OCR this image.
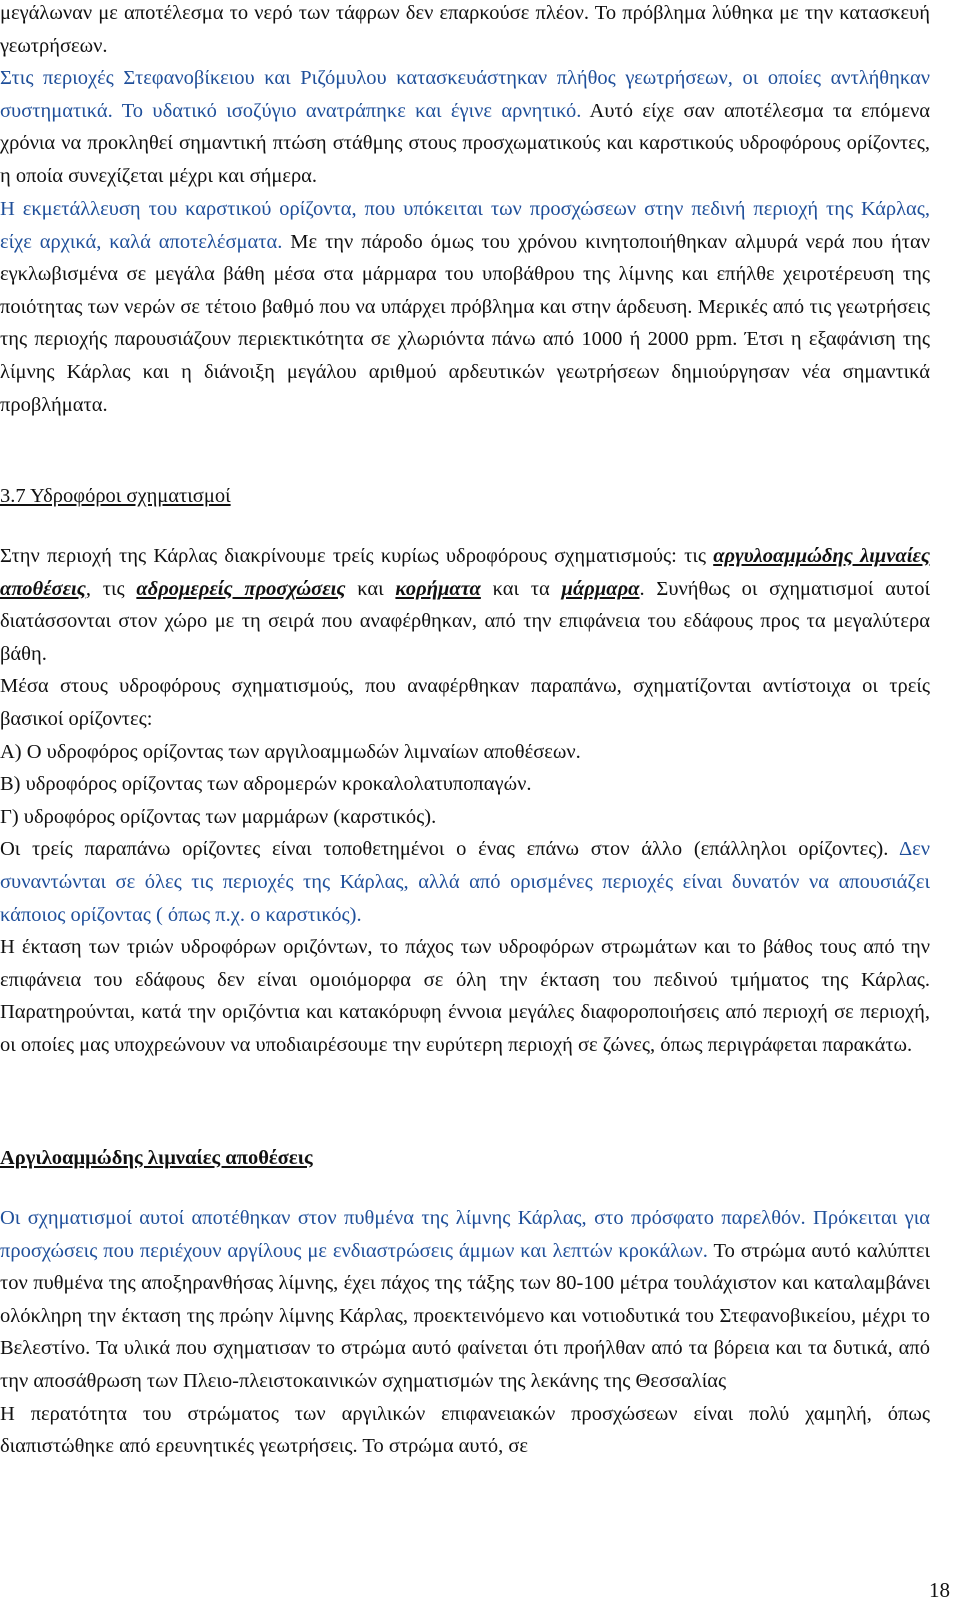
μεγάλωναν με αποτέλεσμα το νερό των τάφρων δεν επαρκούσε πλέον. Το πρόβλημα λύθηκα με την κατασκευή γεωτρήσεων.

Στις περιοχές Στεφανοβίκειου και Ριζόμυλου κατασκευάστηκαν πλήθος γεωτρήσεων, οι οποίες αντλήθηκαν συστηματικά. Το υδατικό ισοζύγιο ανατράπηκε και έγινε αρνητικό. Αυτό είχε σαν αποτέλεσμα τα επόμενα χρόνια να προκληθεί σημαντική πτώση στάθμης στους προσχωματικούς και καρστικούς υδροφόρους ορίζοντες, η οποία συνεχίζεται μέχρι και σήμερα.

Η εκμετάλλευση του καρστικού ορίζοντα, που υπόκειται των προσχώσεων στην πεδινή περιοχή της Κάρλας, είχε αρχικά, καλά αποτελέσματα. Με την πάροδο όμως του χρόνου κινητοποιήθηκαν αλμυρά νερά που ήταν εγκλωβισμένα σε μεγάλα βάθη μέσα στα μάρμαρα του υποβάθρου της λίμνης και επήλθε χειροτέρευση της ποιότητας των νερών σε τέτοιο βαθμό που να υπάρχει πρόβλημα και στην άρδευση. Μερικές από τις γεωτρήσεις της περιοχής παρουσιάζουν περιεκτικότητα σε χλωριόντα πάνω από 1000 ή 2000 ppm. Έτσι η εξαφάνιση της λίμνης Κάρλας και η διάνοιξη μεγάλου αριθμού αρδευτικών γεωτρήσεων δημιούργησαν νέα σημαντικά προβλήματα.

3.7 Υδροφόροι σχηματισμοί

Στην περιοχή της Κάρλας διακρίνουμε τρείς κυρίως υδροφόρους σχηματισμούς: τις αργυλοαμμώδης λιμναίες αποθέσεις, τις αδρομερείς προσχώσεις και κορήματα και τα μάρμαρα. Συνήθως οι σχηματισμοί αυτοί διατάσσονται στον χώρο με τη σειρά που αναφέρθηκαν, από την επιφάνεια του εδάφους προς τα μεγαλύτερα βάθη.

Μέσα στους υδροφόρους σχηματισμούς, που αναφέρθηκαν παραπάνω, σχηματίζονται αντίστοιχα οι τρείς βασικοί ορίζοντες:

Α) Ο υδροφόρος ορίζοντας των αργιλοαμμωδών λιμναίων αποθέσεων.

Β) υδροφόρος ορίζοντας των αδρομερών κροκαλολατυποπαγών.

Γ) υδροφόρος ορίζοντας των μαρμάρων (καρστικός).

Οι τρείς παραπάνω ορίζοντες είναι τοποθετημένοι ο ένας επάνω στον άλλο (επάλληλοι ορίζοντες). Δεν συναντώνται σε όλες τις περιοχές της Κάρλας, αλλά από ορισμένες περιοχές είναι δυνατόν να απουσιάζει κάποιος ορίζοντας ( όπως π.χ. ο καρστικός).

Η έκταση των τριών υδροφόρων οριζόντων, το πάχος των υδροφόρων στρωμάτων και το βάθος τους από την επιφάνεια του εδάφους δεν είναι ομοιόμορφα σε όλη την έκταση του πεδινού τμήματος της Κάρλας. Παρατηρούνται, κατά την οριζόντια και κατακόρυφη έννοια μεγάλες διαφοροποιήσεις από περιοχή σε περιοχή, οι οποίες μας υποχρεώνουν να υποδιαιρέσουμε την ευρύτερη περιοχή σε ζώνες, όπως περιγράφεται παρακάτω.

Αργιλοαμμώδης λιμναίες αποθέσεις

Οι σχηματισμοί αυτοί αποτέθηκαν στον πυθμένα της λίμνης Κάρλας, στο πρόσφατο παρελθόν. Πρόκειται για προσχώσεις που περιέχουν αργίλους με ενδιαστρώσεις άμμων και λεπτών κροκάλων. Το στρώμα αυτό καλύπτει τον πυθμένα της αποξηρανθήσας λίμνης, έχει πάχος της τάξης των 80-100 μέτρα τουλάχιστον και καταλαμβάνει ολόκληρη την έκταση της πρώην λίμνης Κάρλας, προεκτεινόμενο και νοτιοδυτικά του Στεφανοβικείου, μέχρι το Βελεστίνο. Τα υλικά που σχηματισαν το στρώμα αυτό φαίνεται ότι προήλθαν από τα βόρεια και τα δυτικά, από την αποσάθρωση των Πλειο-πλειστοκαινικών σχηματισμών της λεκάνης της Θεσσαλίας

Η περατότητα του στρώματος των αργιλικών επιφανειακών προσχώσεων είναι πολύ χαμηλή, όπως διαπιστώθηκε από ερευνητικές γεωτρήσεις. Το στρώμα αυτό, σε

18
